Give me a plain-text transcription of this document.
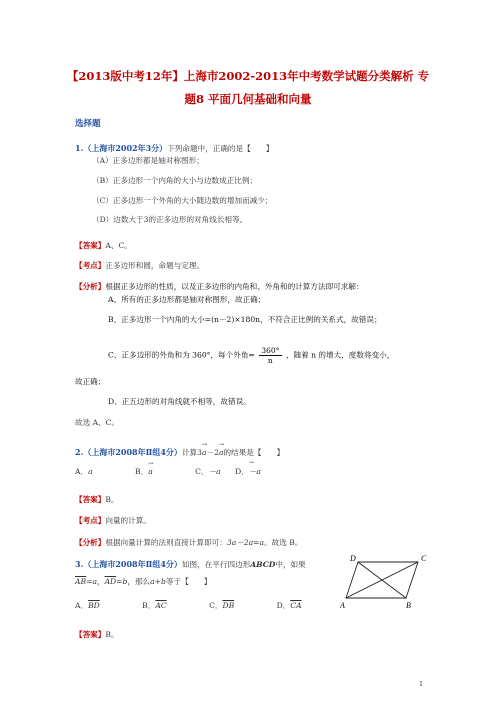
【2013版中考12年】上海市2002-2013年中考数学试题分类解析 专
题8 平面几何基础和向量
选择题
1.（上海市2002年3分）下列命题中，正确的是【　　】
（A）正多边形都是轴对称图形；
（B）正多边形一个内角的大小与边数成正比例；
（C）正多边形一个外角的大小随边数的增加而减少；
（D）边数大于3的正多边形的对角线长相等。
【答案】A、C。
【考点】正多边形和圆，命题与定理。
【分析】根据正多边形的性质，以及正多边形的内角和、外角和的计算方法即可求解：
A、所有的正多边形都是轴对称图形，故正确；
B、正多边形一个内角的大小=(n－2)×180n，不符合正比例的关系式，故错误；
C、正多边形的外角和为 360°，每个外角= $\frac{360^\circ}{n}$ ，随着 n 的增大，度数将变小，
故正确；
D、正五边形的对角线就不相等，故错误。
故选 A、C。
2.（上海市2008年Ⅱ组4分）计算3→ a－2→ a的结果是【　　】
A．a	B．→ a	C．－a D．→ －a
【答案】B。
【考点】向量的计算。
【分析】根据向量计算的法则直接计算即可：3a－2a=a。故选 B。
3.（上海市2008年Ⅱ组4分）如图，在平行四边形ABCD中，如果
$\overline{AB}=a$，$\overline{AD}=b$，那么a+b等于【　　】
A．$\overline{BD}$	B．$\overline{AC}$	C．$\overline{DB}$	D．$\overline{CA}$
【答案】B。
D	C
A	B
1
